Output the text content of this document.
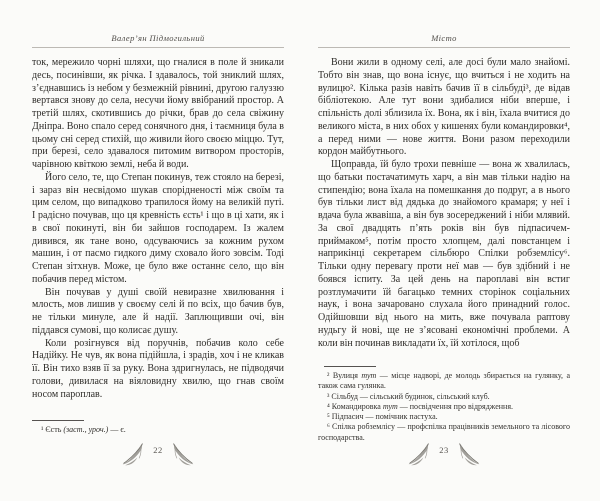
Валер’ян Підмогильний

ток, мережило чорні шляхи, що гналися в поле й зникали десь, посинівши, як річка. І здавалось, той зниклий шлях, з’єднавшись із небом у безмежній рівнині, другою галуззю вертався знову до села, несучи йому ввібраний простор. А третій шлях, скотившись до річки, брав до села свіжину Дніпра. Воно спало серед сонячного дня, і таємниця була в цьому сні серед стихій, що живили його своєю міццю. Тут, при березі, село здавалося питомим витвором просторів, чарівною квіткою землі, неба й води.

Його село, те, що Степан покинув, теж стояло на березі, і зараз він несвідомо шукав спорідненості між своїм та цим селом, що випадково трапилося йому на великій путі. І радісно почував, що ця кревність єсть¹ і що в ці хати, як і в свої покинуті, він би зайшов господарем. Із жалем дивився, як тане воно, одсуваючись за кожним рухом машин, і от пасмо гидкого диму сховало його зовсім. Тоді Степан зітхнув. Може, це було вже останнє село, що він побачив перед містом.

Він почував у душі своїй невиразне хвилювання і млость, мов лишив у своєму селі й по всіх, що бачив був, не тільки минуле, але й надії. Заплющивши очі, він піддався сумові, що колисає душу.

Коли розігнувся від поручнів, побачив коло себе Надійку. Не чув, як вона підійшла, і зрадів, хоч і не кликав її. Він тихо взяв її за руку. Вона здригнулась, не підводячи голови, дивилася на віяловидну хвилю, що гнав своїм носом пароплав.

¹ Єсть (заст., уроч.) — є.

22
Місто

Вони жили в одному селі, але досі були мало знайомі. Тобто він знав, що вона існує, що вчиться і не ходить на вулицю². Кілька разів навіть бачив її в сільбуді³, де відав бібліотекою. Але тут вони здибалися ніби вперше, і спільність долі зблизила їх. Вона, як і він, їхала вчитися до великого міста, в них обох у кишенях були командировки⁴, а перед ними — нове життя. Вони разом переходили кордон майбутнього.

Щоправда, їй було трохи певніше — вона ж хвалилась, що батьки постачатимуть харч, а він мав тільки надію на стипендію; вона їхала на помешкання до подруг, а в нього був тільки лист від дядька до знайомого крамаря; у неї і вдача була жвавіша, а він був зосереджений і ніби млявий. За свої двадцять п’ять років він був підпасичем-приймаком⁵, потім просто хлопцем, далі повстанцем і наприкінці секретарем сільбюро Спілки робземлісу⁶. Тільки одну перевагу проти неї мав — був здібний і не боявся іспиту. За цей день на пароплаві він встиг розтлумачити їй багацько темних сторінок соціальних наук, і вона зачаровано слухала його принадний голос. Одійшовши від нього на мить, вже почувала раптову нудьгу й нові, ще не з’ясовані економічні проблеми. А коли він починав викладати їх, їй хотілося, щоб

² Вулиця тут — місце надворі, де молодь збирається на гулянку, а також сама гулянка.

³ Сільбуд — сільський будинок, сільський клуб.

⁴ Командировка тут — посвідчення про відрядження.

⁵ Підпасич — помічник пастуха.

⁶ Спілка робземлісу — профспілка працівників земельного та лісового господарства.

23
